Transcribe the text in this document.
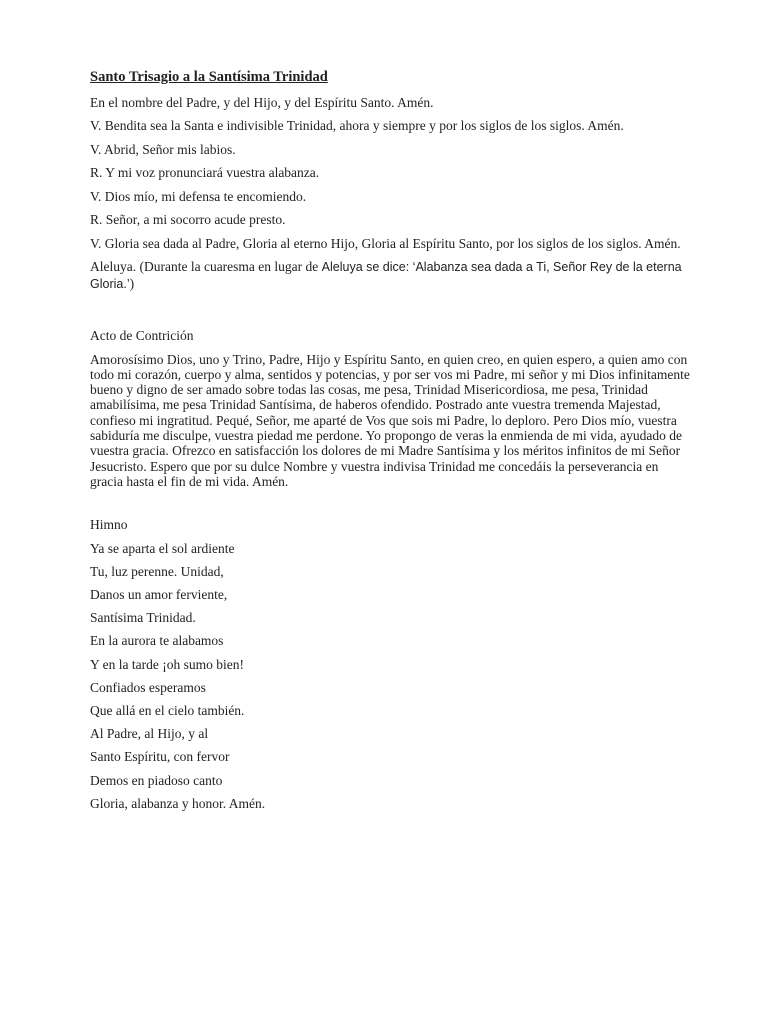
Santo Trisagio a la Santísima Trinidad
En el nombre del Padre, y del Hijo, y del Espíritu Santo. Amén.
V. Bendita sea la Santa e indivisible Trinidad, ahora y siempre y por los siglos de los siglos. Amén.
V. Abrid, Señor mis labios.
R. Y mi voz pronunciará vuestra alabanza.
V. Dios mío, mi defensa te encomiendo.
R. Señor, a mi socorro acude presto.
V. Gloria sea dada al Padre, Gloria al eterno Hijo, Gloria al Espíritu Santo, por los siglos de los siglos. Amén.
Aleluya. (Durante la cuaresma en lugar de Aleluya se dice: ‘Alabanza sea dada a Ti, Señor Rey de la eterna Gloria.’)
Acto de Contrición
Amorosísimo Dios, uno y Trino, Padre, Hijo y Espíritu Santo, en quien creo, en quien espero, a quien amo con todo mi corazón, cuerpo y alma, sentidos y potencias, y por ser vos mi Padre, mi señor y mi Dios infinitamente bueno y digno de ser amado sobre todas las cosas, me pesa, Trinidad Misericordiosa, me pesa, Trinidad amabilísima, me pesa Trinidad Santísima, de haberos ofendido. Postrado ante vuestra tremenda Majestad, confieso mi ingratitud. Pequé, Señor, me aparté de Vos que sois mi Padre, lo deploro. Pero Dios mío, vuestra sabiduría me disculpe, vuestra piedad me perdone. Yo propongo de veras la enmienda de mi vida, ayudado de vuestra gracia. Ofrezco en satisfacción los dolores de mi Madre Santísima y los méritos infinitos de mi Señor Jesucristo. Espero que por su dulce Nombre y vuestra indivisa Trinidad me concedáis la perseverancia en gracia hasta el fin de mi vida. Amén.
Himno
Ya se aparta el sol ardiente
Tu, luz perenne. Unidad,
Danos un amor ferviente,
Santísima Trinidad.
En la aurora te alabamos
Y en la tarde ¡oh sumo bien!
Confiados esperamos
Que allá en el cielo también.
Al Padre, al Hijo, y al
Santo Espíritu, con fervor
Demos en piadoso canto
Gloria, alabanza y honor. Amén.
